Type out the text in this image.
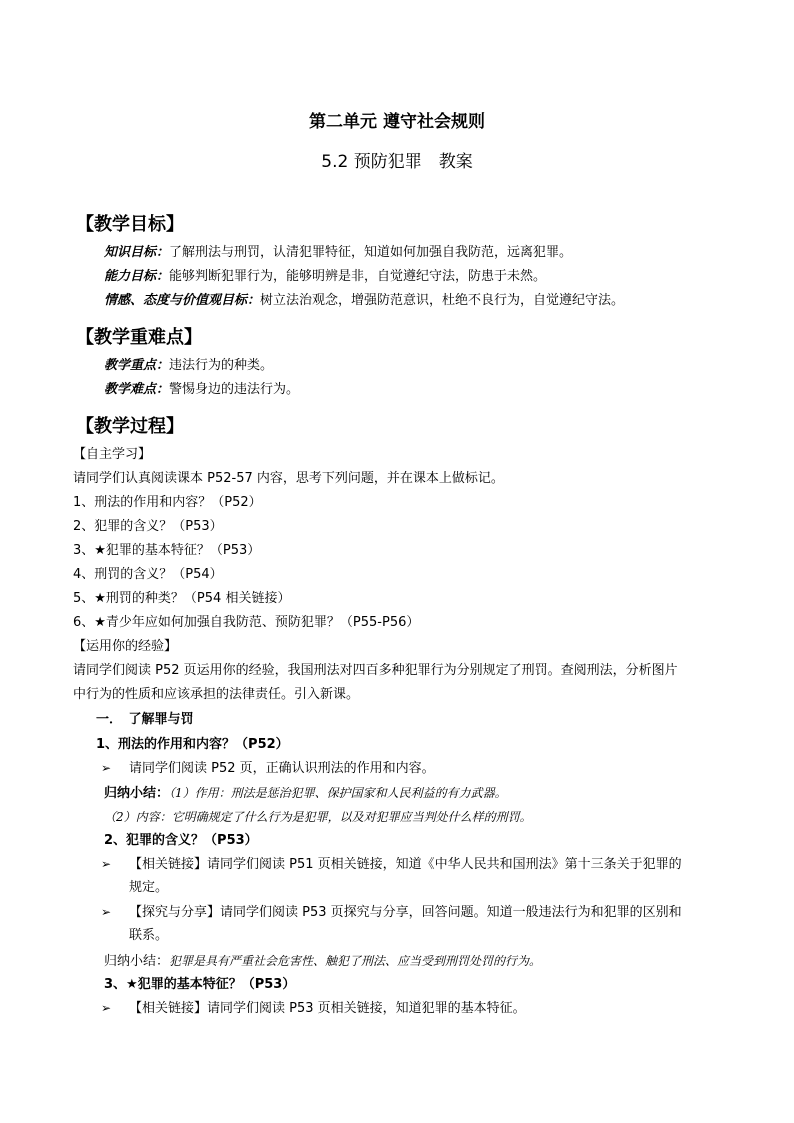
第二单元 遵守社会规则
5.2 预防犯罪　教案
【教学目标】
知识目标：了解刑法与刑罚，认清犯罪特征，知道如何加强自我防范，远离犯罪。
能力目标：能够判断犯罪行为，能够明辨是非，自觉遵纪守法，防患于未然。
情感、态度与价值观目标：树立法治观念，增强防范意识，杜绝不良行为，自觉遵纪守法。
【教学重难点】
教学重点：违法行为的种类。
教学难点：警惕身边的违法行为。
【教学过程】
【自主学习】
请同学们认真阅读课本 P52-57 内容，思考下列问题，并在课本上做标记。
1、刑法的作用和内容？（P52）
2、犯罪的含义？（P53）
3、★犯罪的基本特征？（P53）
4、刑罚的含义？（P54）
5、★刑罚的种类？（P54 相关链接）
6、★青少年应如何加强自我防范、预防犯罪？（P55-P56）
【运用你的经验】
请同学们阅读 P52 页运用你的经验，我国刑法对四百多种犯罪行为分别规定了刑罚。查阅刑法，分析图片
中行为的性质和应该承担的法律责任。引入新课。
一．　了解罪与罚
1、刑法的作用和内容？（P52）
➢ 请同学们阅读 P52 页，正确认识刑法的作用和内容。
归纳小结：（1）作用：刑法是惩治犯罪、保护国家和人民利益的有力武器。
（2）内容：它明确规定了什么行为是犯罪，以及对犯罪应当判处什么样的刑罚。
2、犯罪的含义？（P53）
➢ 【相关链接】请同学们阅读 P51 页相关链接，知道《中华人民共和国刑法》第十三条关于犯罪的
规定。
➢ 【探究与分享】请同学们阅读 P53 页探究与分享，回答问题。知道一般违法行为和犯罪的区别和
联系。
归纳小结：犯罪是具有严重社会危害性、触犯了刑法、应当受到刑罚处罚的行为。
3、★犯罪的基本特征？（P53）
➢ 【相关链接】请同学们阅读 P53 页相关链接，知道犯罪的基本特征。
